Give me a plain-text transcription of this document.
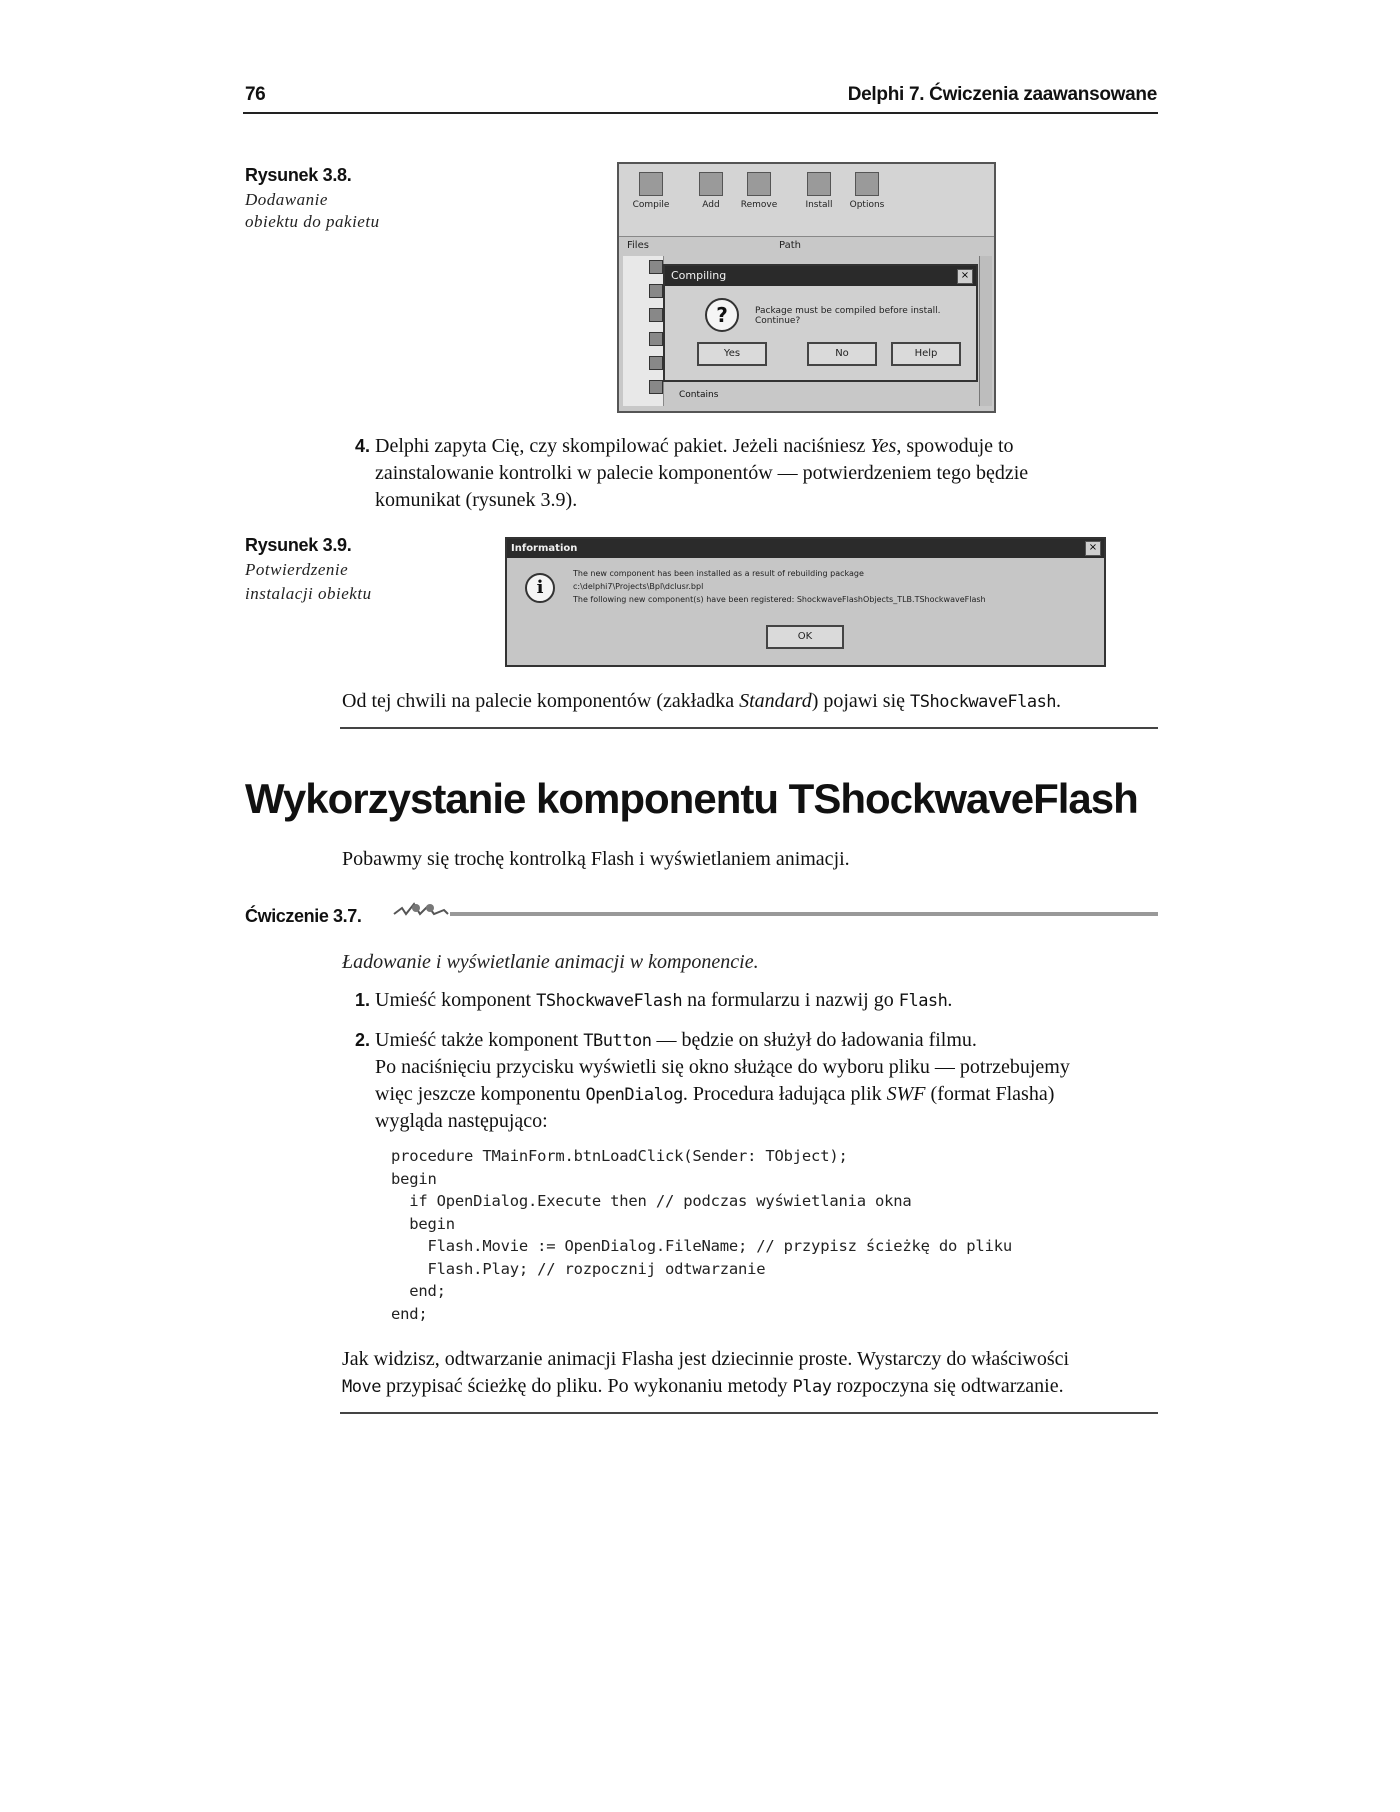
76	Delphi 7. Ćwiczenia zaawansowane
Rysunek 3.8.
Dodawanie
obiektu do pakietu
Compile	Add	Remove	Install	Options
Files	Path
Contains
Compiling	×
?	Package must be compiled before install. Continue?
Yes	No	Help
4. Delphi zapyta Cię, czy skompilować pakiet. Jeżeli naciśniesz Yes, spowoduje to
zainstalowanie kontrolki w palecie komponentów — potwierdzeniem tego będzie
komunikat (rysunek 3.9).
Rysunek 3.9.
Potwierdzenie
instalacji obiektu
Information	×
i
The new component has been installed as a result of rebuilding package
c:\delphi7\Projects\Bpl\dclusr.bpl
The following new component(s) have been registered: ShockwaveFlashObjects_TLB.TShockwaveFlash
OK
Od tej chwili na palecie komponentów (zakładka Standard) pojawi się TShockwaveFlash.
Wykorzystanie komponentu TShockwaveFlash
Pobawmy się trochę kontrolką Flash i wyświetlaniem animacji.
Ćwiczenie 3.7.
Ładowanie i wyświetlanie animacji w komponencie.
1. Umieść komponent TShockwaveFlash na formularzu i nazwij go Flash.
2. Umieść także komponent TButton — będzie on służył do ładowania filmu.
Po naciśnięciu przycisku wyświetli się okno służące do wyboru pliku — potrzebujemy
więc jeszcze komponentu OpenDialog. Procedura ładująca plik SWF (format Flasha)
wygląda następująco:
procedure TMainForm.btnLoadClick(Sender: TObject);
begin
if OpenDialog.Execute then // podczas wyświetlania okna
begin
Flash.Movie := OpenDialog.FileName; // przypisz ścieżkę do pliku
Flash.Play; // rozpocznij odtwarzanie
end;
end;
Jak widzisz, odtwarzanie animacji Flasha jest dziecinnie proste. Wystarczy do właściwości
Move przypisać ścieżkę do pliku. Po wykonaniu metody Play rozpoczyna się odtwarzanie.
